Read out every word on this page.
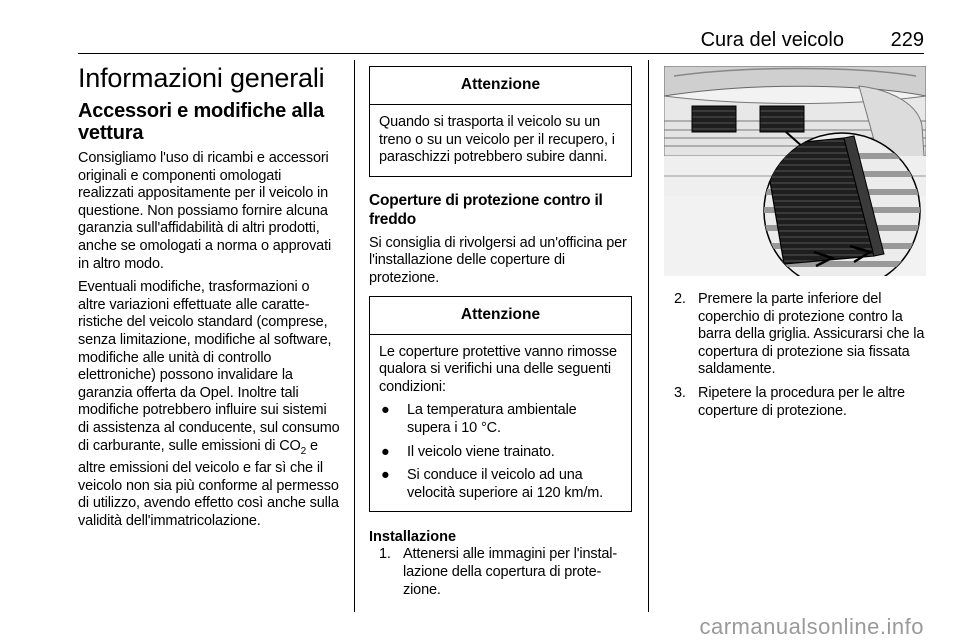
Cura del veicolo 229
Informazioni generali
Accessori e modifiche alla vettura
Consigliamo l'uso di ricambi e accessori originali e componenti omologati realizzati appositamente per il veicolo in questione. Non possiamo fornire alcuna garanzia sull'affidabilità di altri prodotti, anche se omologati a norma o approvati in altro modo.
Eventuali modifiche, trasformazioni o altre variazioni effettuate alle caratteristiche del veicolo standard (comprese, senza limitazione, modifiche al software, modifiche alle unità di controllo elettroniche) possono invalidare la garanzia offerta da Opel. Inoltre tali modifiche potrebbero influire sui sistemi di assistenza al conducente, sul consumo di carburante, sulle emissioni di $CO_2$ e altre emissioni del veicolo e far sì che il veicolo non sia più conforme al permesso di utilizzo, avendo effetto così anche sulla validità dell'immatricolazione.
Attenzione
Quando si trasporta il veicolo su un treno o su un veicolo per il recupero, i paraschizzi potrebbero subire danni.
Coperture di protezione contro il freddo
Si consiglia di rivolgersi ad un'officina per l'installazione delle coperture di protezione.
Attenzione
Le coperture protettive vanno rimosse qualora si verifichi una delle seguenti condizioni:
● La temperatura ambientale supera i 10 °C.
● Il veicolo viene trainato.
● Si conduce il veicolo ad una velocità superiore ai 120 km/m.
Installazione
1. Attenersi alle immagini per l'installazione della copertura di protezione.
2. Premere la parte inferiore del coperchio di protezione contro la barra della griglia. Assicurarsi che la copertura di protezione sia fissata saldamente.
3. Ripetere la procedura per le altre coperture di protezione.
carmanualsonline.info
